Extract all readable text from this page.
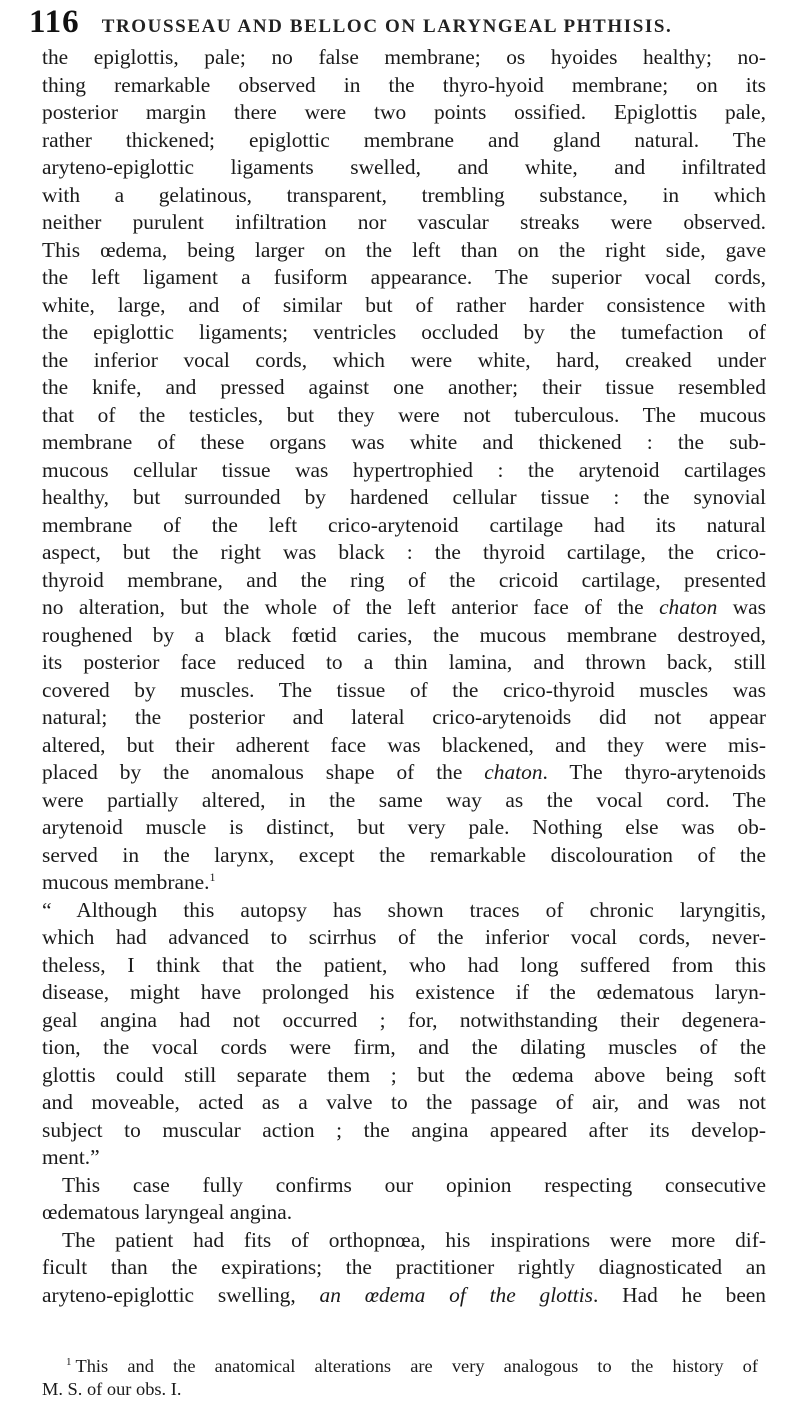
116 TROUSSEAU AND BELLOC ON LARYNGEAL PHTHISIS.
the epiglottis, pale; no false membrane; os hyoides healthy; no-
thing remarkable observed in the thyro-hyoid membrane; on its
posterior margin there were two points ossified. Epiglottis pale,
rather thickened; epiglottic membrane and gland natural. The
aryteno-epiglottic ligaments swelled, and white, and infiltrated
with a gelatinous, transparent, trembling substance, in which
neither purulent infiltration nor vascular streaks were observed.
This œdema, being larger on the left than on the right side, gave
the left ligament a fusiform appearance. The superior vocal cords,
white, large, and of similar but of rather harder consistence with
the epiglottic ligaments; ventricles occluded by the tumefaction of
the inferior vocal cords, which were white, hard, creaked under
the knife, and pressed against one another; their tissue resembled
that of the testicles, but they were not tuberculous. The mucous
membrane of these organs was white and thickened : the sub-
mucous cellular tissue was hypertrophied : the arytenoid cartilages
healthy, but surrounded by hardened cellular tissue : the synovial
membrane of the left crico-arytenoid cartilage had its natural
aspect, but the right was black : the thyroid cartilage, the crico-
thyroid membrane, and the ring of the cricoid cartilage, presented
no alteration, but the whole of the left anterior face of the chaton was
roughened by a black fœtid caries, the mucous membrane destroyed,
its posterior face reduced to a thin lamina, and thrown back, still
covered by muscles. The tissue of the crico-thyroid muscles was
natural; the posterior and lateral crico-arytenoids did not appear
altered, but their adherent face was blackened, and they were mis-
placed by the anomalous shape of the chaton. The thyro-arytenoids
were partially altered, in the same way as the vocal cord. The
arytenoid muscle is distinct, but very pale. Nothing else was ob-
served in the larynx, except the remarkable discolouration of the
mucous membrane.$^1$
“ Although this autopsy has shown traces of chronic laryngitis,
which had advanced to scirrhus of the inferior vocal cords, never-
theless, I think that the patient, who had long suffered from this
disease, might have prolonged his existence if the œdematous laryn-
geal angina had not occurred ; for, notwithstanding their degenera-
tion, the vocal cords were firm, and the dilating muscles of the
glottis could still separate them ; but the œdema above being soft
and moveable, acted as a valve to the passage of air, and was not
subject to muscular action ; the angina appeared after its develop-
ment.”
This case fully confirms our opinion respecting consecutive
œdematous laryngeal angina.
The patient had fits of orthopnœa, his inspirations were more dif-
ficult than the expirations; the practitioner rightly diagnosticated an
aryteno-epiglottic swelling, an œdema of the glottis. Had he been
$^1$ This and the anatomical alterations are very analogous to the history of
M. S. of our obs. I.
